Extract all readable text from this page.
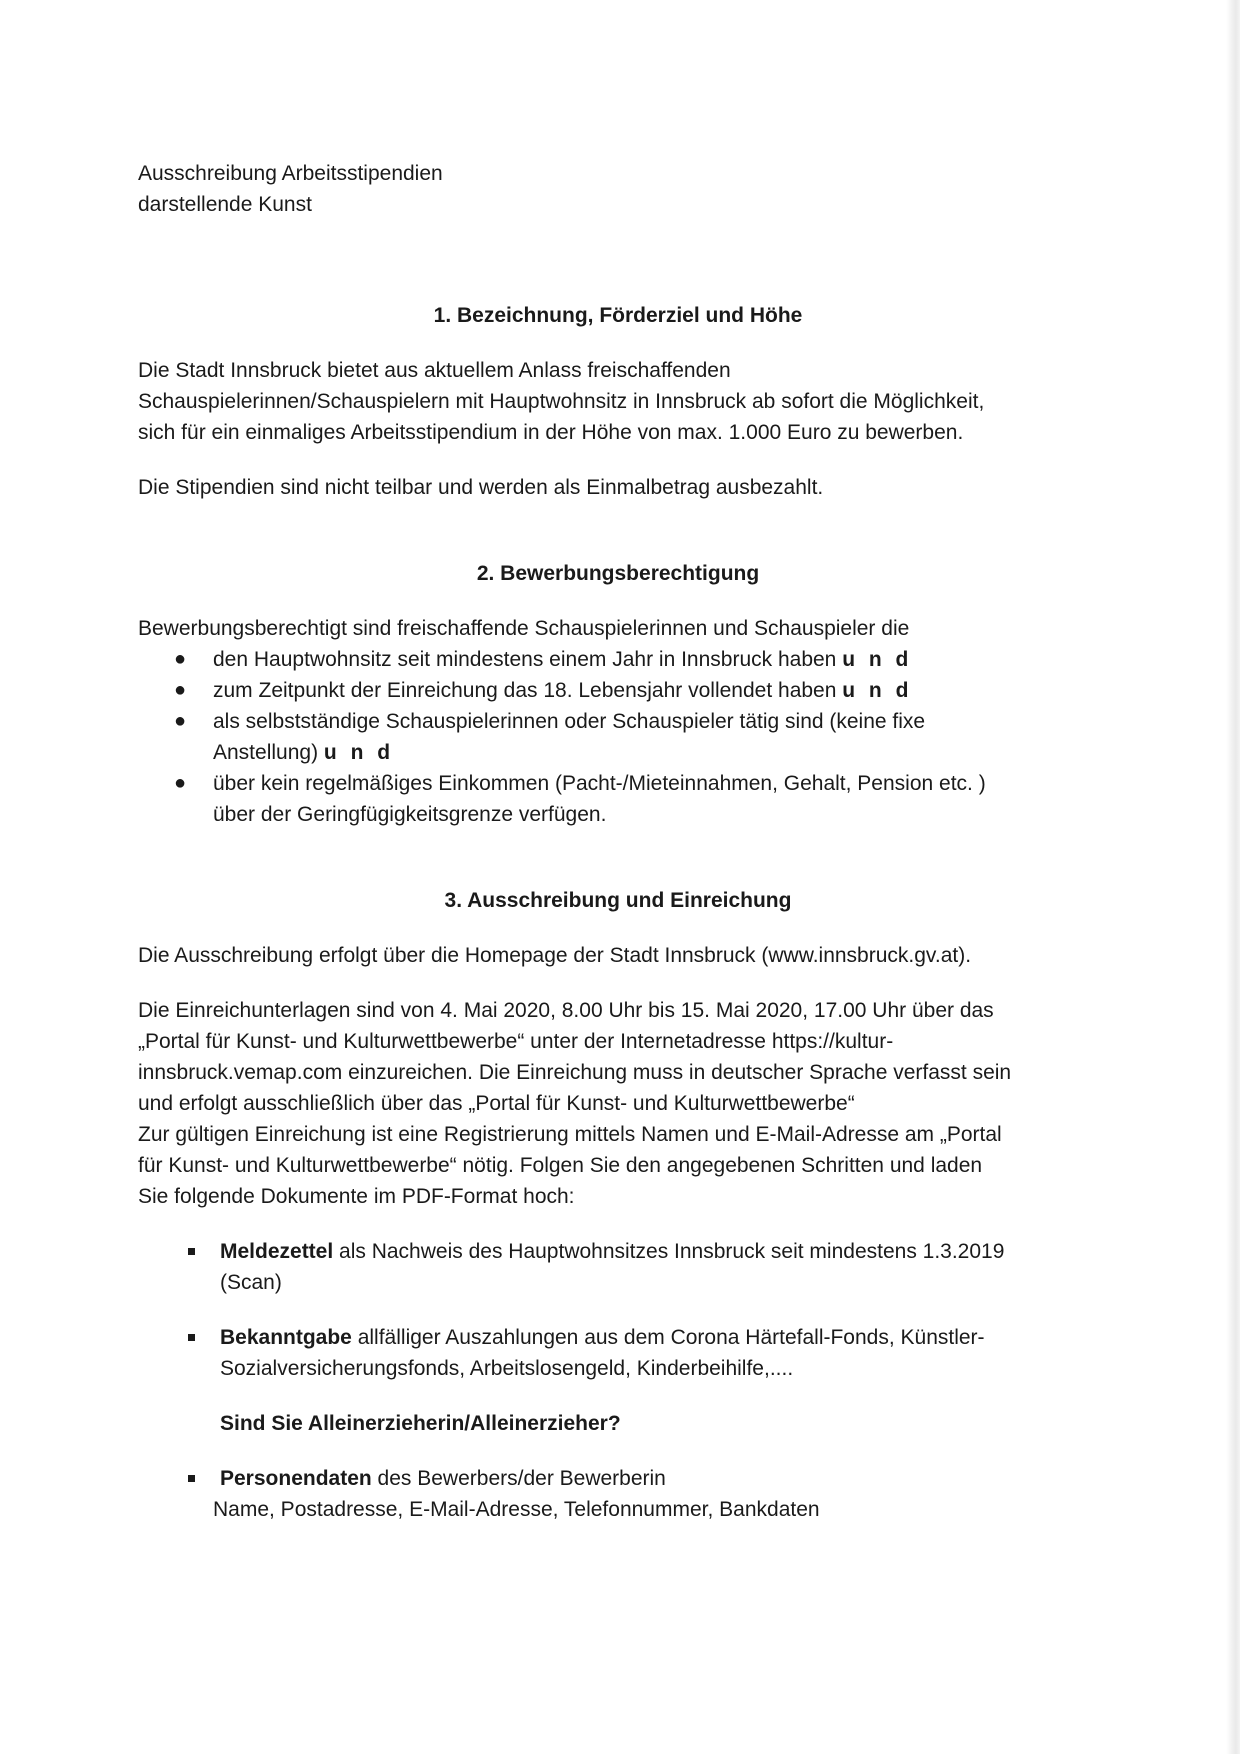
Ausschreibung Arbeitsstipendien

darstellende Kunst

1. Bezeichnung, Förderziel und Höhe

Die Stadt Innsbruck bietet aus aktuellem Anlass freischaffenden

Schauspielerinnen/Schauspielern mit Hauptwohnsitz in Innsbruck ab sofort die Möglichkeit,

sich für ein einmaliges Arbeitsstipendium in der Höhe von max. 1.000 Euro zu bewerben.

Die Stipendien sind nicht teilbar und werden als Einmalbetrag ausbezahlt.

2. Bewerbungsberechtigung

Bewerbungsberechtigt sind freischaffende Schauspielerinnen und Schauspieler die

● den Hauptwohnsitz seit mindestens einem Jahr in Innsbruck haben u n d
● zum Zeitpunkt der Einreichung das 18. Lebensjahr vollendet haben u n d
● als selbstständige Schauspielerinnen oder Schauspieler tätig sind (keine fixe
Anstellung) u n d
● über kein regelmäßiges Einkommen (Pacht-/Mieteinnahmen, Gehalt, Pension etc. )
über der Geringfügigkeitsgrenze verfügen.
3. Ausschreibung und Einreichung

Die Ausschreibung erfolgt über die Homepage der Stadt Innsbruck (www.innsbruck.gv.at).

Die Einreichunterlagen sind von 4. Mai 2020, 8.00 Uhr bis 15. Mai 2020, 17.00 Uhr über das

„Portal für Kunst- und Kulturwettbewerbe“ unter der Internetadresse https://kultur-

innsbruck.vemap.com einzureichen. Die Einreichung muss in deutscher Sprache verfasst sein

und erfolgt ausschließlich über das „Portal für Kunst- und Kulturwettbewerbe“

Zur gültigen Einreichung ist eine Registrierung mittels Namen und E-Mail-Adresse am „Portal

für Kunst- und Kulturwettbewerbe“ nötig. Folgen Sie den angegebenen Schritten und laden

Sie folgende Dokumente im PDF-Format hoch:

Meldezettel als Nachweis des Hauptwohnsitzes Innsbruck seit mindestens 1.3.2019
(Scan)
Bekanntgabe allfälliger Auszahlungen aus dem Corona Härtefall-Fonds, Künstler-
Sozialversicherungsfonds, Arbeitslosengeld, Kinderbeihilfe,....

Sind Sie Alleinerzieherin/Alleinerzieher?

Personendaten des Bewerbers/der Bewerberin

Name, Postadresse, E-Mail-Adresse, Telefonnummer, Bankdaten
